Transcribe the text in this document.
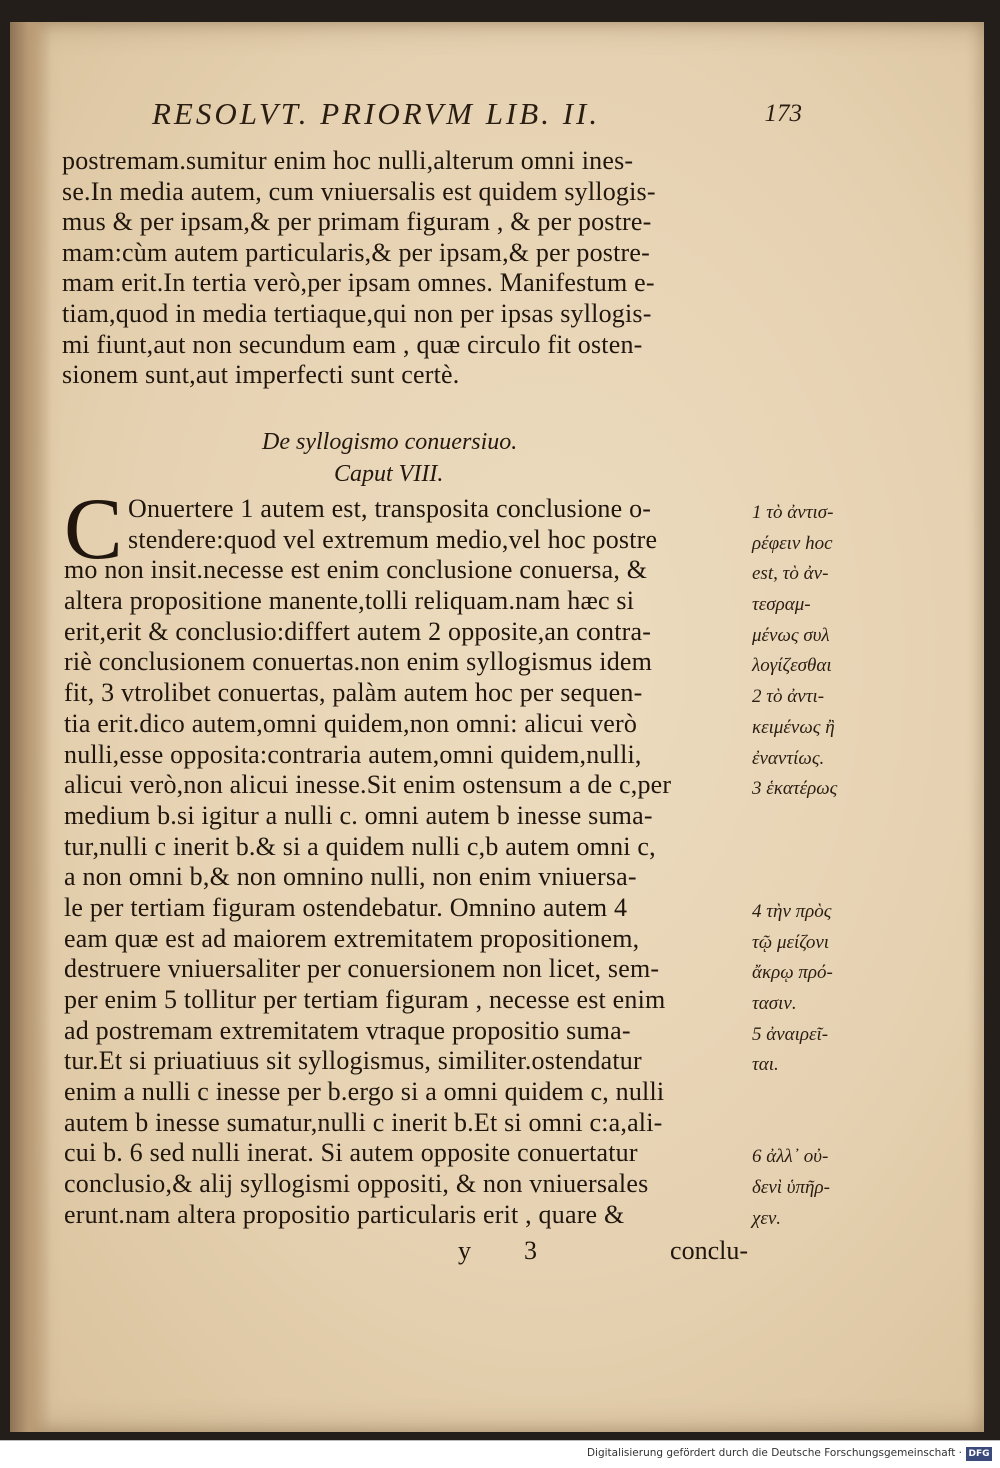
RESOLVT. PRIORVM LIB. II.	173
postremam.sumitur enim hoc nulli,alterum omni ines-
se.In media autem, cum vniuersalis est quidem syllogis-
mus & per ipsam,& per primam figuram , & per postre-
mam:cùm autem particularis,& per ipsam,& per postre-
mam erit.In tertia verò,per ipsam omnes. Manifestum e-
tiam,quod in media tertiaque,qui non per ipsas syllogis-
mi fiunt,aut non secundum eam , quæ circulo fit osten-
sionem sunt,aut imperfecti sunt certè.
De syllogismo conuersiuo.
Caput VIII.
C Onuertere 1 autem est, transposita conclusione o-
stendere:quod vel extremum medio,vel hoc postre
mo non insit.necesse est enim conclusione conuersa, &
altera propositione manente,tolli reliquam.nam hæc si
erit,erit & conclusio:differt autem 2 opposite,an contra-
riè conclusionem conuertas.non enim syllogismus idem
fit, 3 vtrolibet conuertas, palàm autem hoc per sequen-
tia erit.dico autem,omni quidem,non omni: alicui verò
nulli,esse opposita:contraria autem,omni quidem,nulli,
alicui verò,non alicui inesse.Sit enim ostensum a de c,per
medium b.si igitur a nulli c. omni autem b inesse suma-
tur,nulli c inerit b.& si a quidem nulli c,b autem omni c,
a non omni b,& non omnino nulli, non enim vniuersa-
le per tertiam figuram ostendebatur. Omnino autem 4
eam quæ est ad maiorem extremitatem propositionem,
destruere vniuersaliter per conuersionem non licet, sem-
per enim 5 tollitur per tertiam figuram , necesse est enim
ad postremam extremitatem vtraque propositio suma-
tur.Et si priuatiuus sit syllogismus, similiter.ostendatur
enim a nulli c inesse per b.ergo si a omni quidem c, nulli
autem b inesse sumatur,nulli c inerit b.Et si omni c:a,ali-
cui b. 6 sed nulli inerat. Si autem opposite conuertatur
conclusio,& alij syllogismi oppositi, & non vniuersales
erunt.nam altera propositio particularis erit , quare &
1 τὸ ἀντισ-
ρέφειν hoc
est, τὸ ἀν-
τεσραμ-
μένως συλ
λογίζεσθαι
2 τὸ ἀντι-
κειμένως ἢ
ἐναντίως.
3 ἑκατέρως
4 τὴν πρὸς
τῷ μείζονι
ἄκρῳ πρό-
τασιν.
5 ἀναιρεῖ-
ται.
6 ἀλλ᾽ οὐ-
δενὶ ὑπῆρ-
χεν.
y 3	conclu-
Digitalisierung gefördert durch die Deutsche Forschungsgemeinschaft · DFG
